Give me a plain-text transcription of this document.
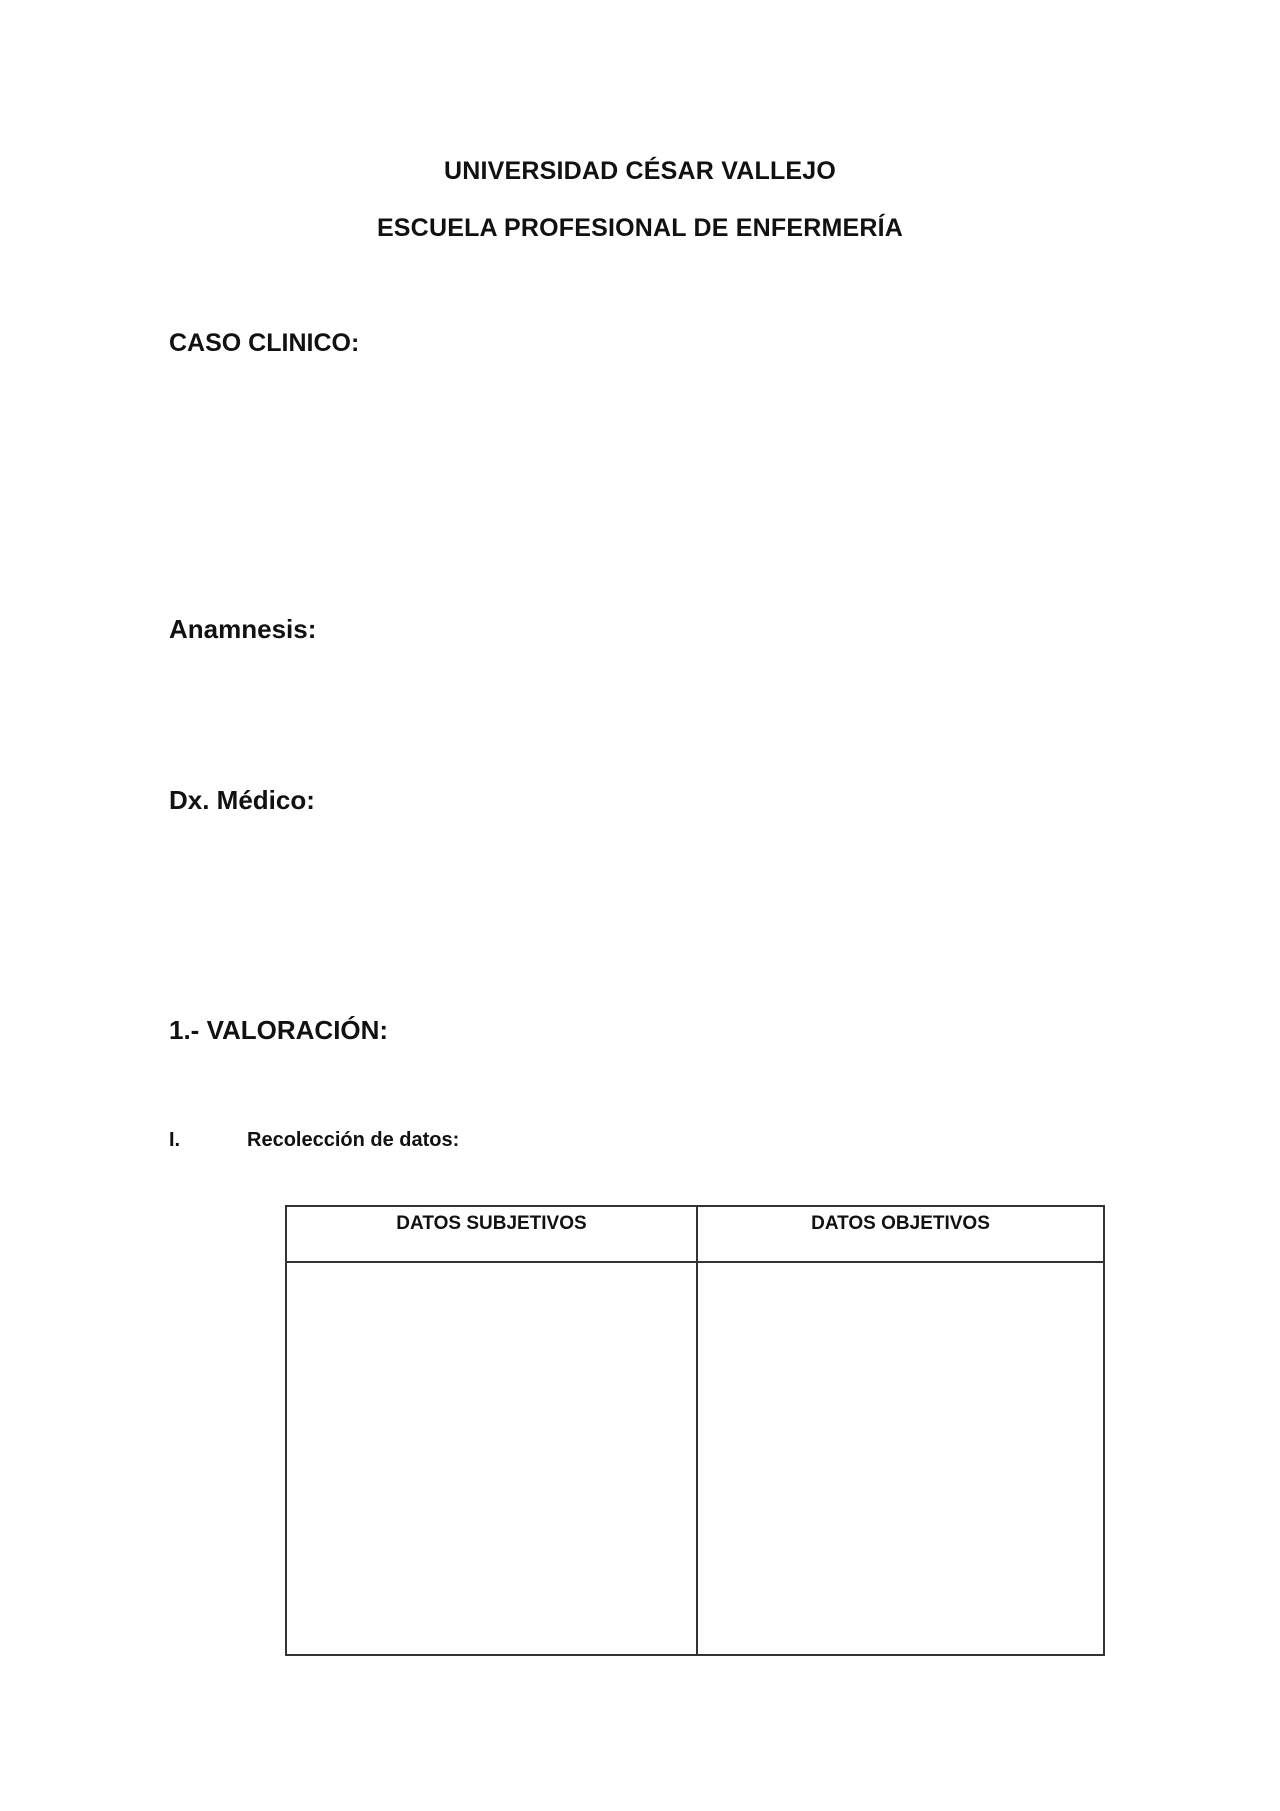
UNIVERSIDAD CÉSAR VALLEJO
ESCUELA PROFESIONAL DE ENFERMERÍA
CASO CLINICO:
Anamnesis:
Dx. Médico:
1.- VALORACIÓN:
I.	Recolección de datos:
DATOS SUBJETIVOS	DATOS OBJETIVOS
